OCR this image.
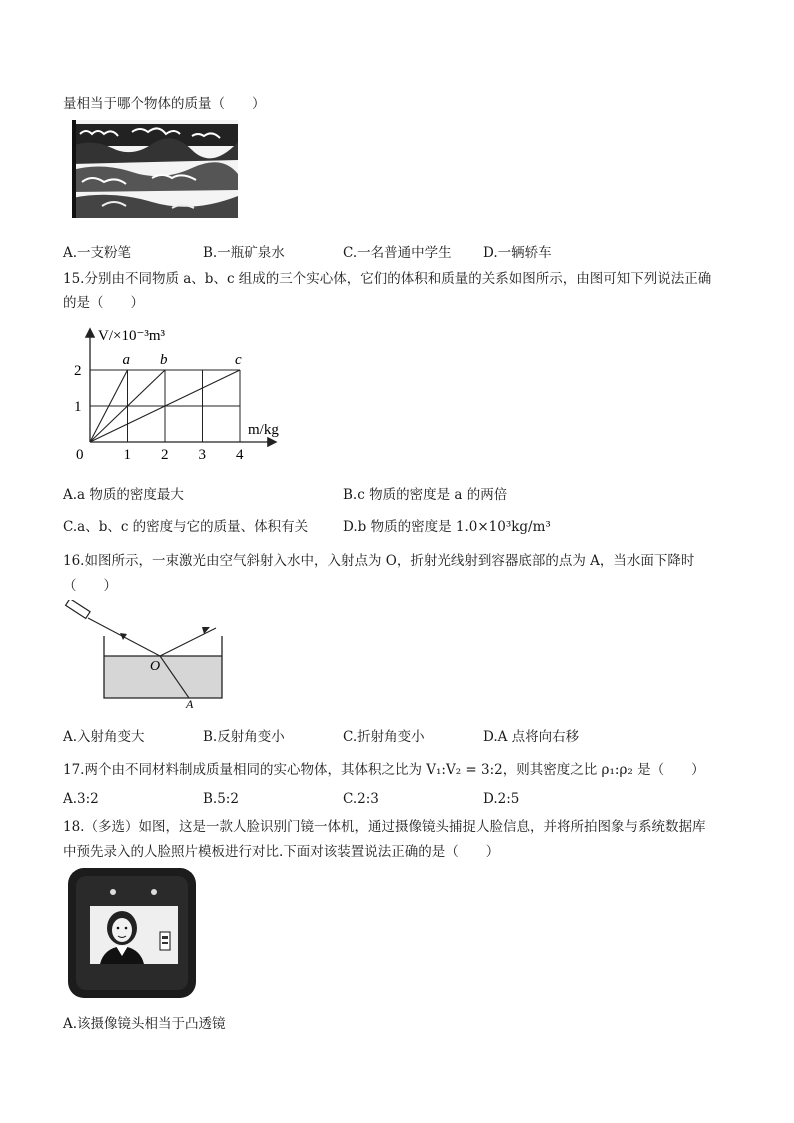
量相当于哪个物体的质量（　　）
A.一支粉笔	B.一瓶矿泉水	C.一名普通中学生 D.一辆轿车
15.分别由不同物质 a、b、c 组成的三个实心体，它们的体积和质量的关系如图所示，由图可知下列说法正确
的是（　　）
a b	c
0	1 2 3 4
1
2
V/×10⁻³m³
m/kg
A.a 物质的密度最大	B.c 物质的密度是 a 的两倍
C.a、b、c 的密度与它的质量、体积有关	D.b 物质的密度是 1.0×10³kg/m³
16.如图所示，一束激光由空气斜射入水中，入射点为 O，折射光线射到容器底部的点为 A，当水面下降时
（　　）
O
A
A.入射角变大	B.反射角变小	C.折射角变小	D.A 点将向右移
17.两个由不同材料制成质量相同的实心物体，其体积之比为 V₁:V₂ = 3:2，则其密度之比 ρ₁:ρ₂ 是（　　）
A.3:2	B.5:2	C.2:3	D.2:5
18.（多选）如图，这是一款人脸识别门镜一体机，通过摄像镜头捕捉人脸信息，并将所拍图象与系统数据库
中预先录入的人脸照片模板进行对比.下面对该装置说法正确的是（　　）
A.该摄像镜头相当于凸透镜
